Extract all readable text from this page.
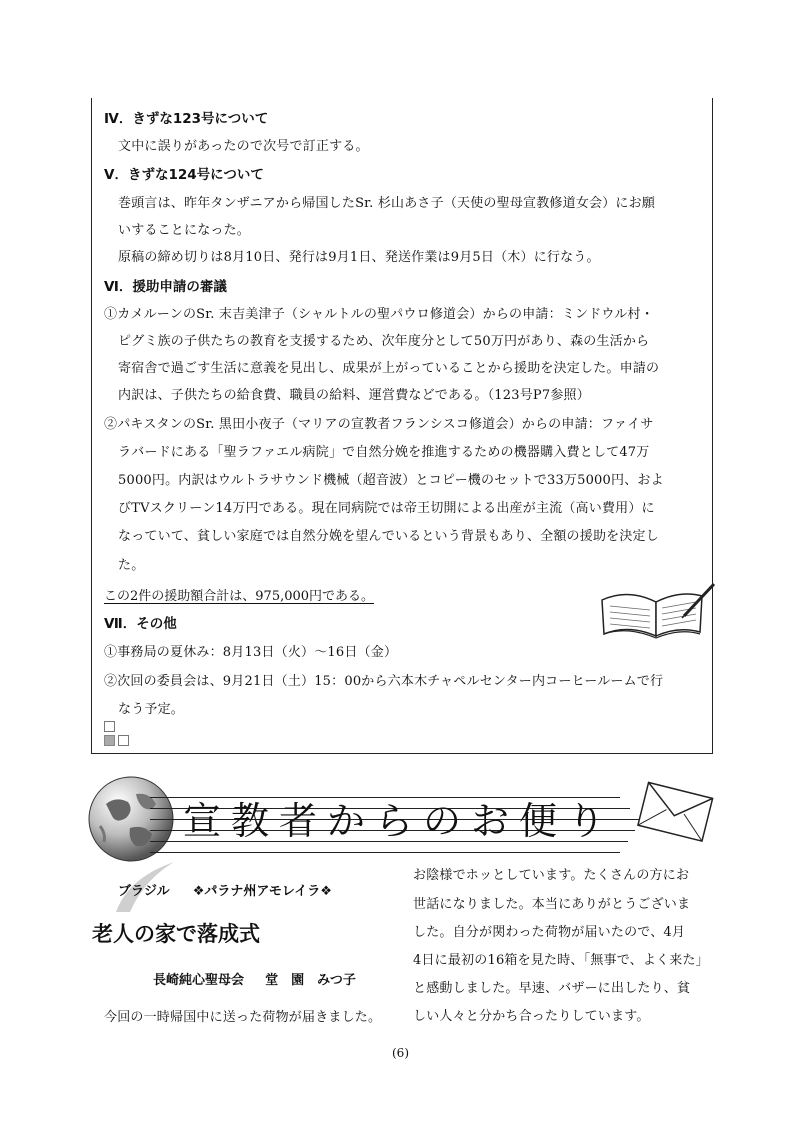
Ⅳ．きずな123号について
文中に誤りがあったので次号で訂正する。
Ⅴ．きずな124号について
巻頭言は、昨年タンザニアから帰国したSr. 杉山あさ子（天使の聖母宣教修道女会）にお願
いすることになった。
原稿の締め切りは8月10日、発行は9月1日、発送作業は9月5日（木）に行なう。
Ⅵ．援助申請の審議
①カメルーンのSr. 末吉美津子（シャルトルの聖パウロ修道会）からの申請：ミンドウル村・
ピグミ族の子供たちの教育を支援するため、次年度分として50万円があり、森の生活から
寄宿舎で過ごす生活に意義を見出し、成果が上がっていることから援助を決定した。申請の
内訳は、子供たちの給食費、職員の給料、運営費などである。（123号P7参照）
②パキスタンのSr. 黒田小夜子（マリアの宣教者フランシスコ修道会）からの申請：ファイサ
ラバードにある「聖ラファエル病院」で自然分娩を推進するための機器購入費として47万
5000円。内訳はウルトラサウンド機械（超音波）とコピー機のセットで33万5000円、およ
びTVスクリーン14万円である。現在同病院では帝王切開による出産が主流（高い費用）に
なっていて、貧しい家庭では自然分娩を望んでいるという背景もあり、全額の援助を決定し
た。
この2件の援助額合計は、975,000円である。
Ⅶ．その他
①事務局の夏休み：8月13日（火）～16日（金）
②次回の委員会は、9月21日（土）15：00から六本木チャペルセンター内コーヒールームで行
なう予定。
宣教者からのお便り
ブラジル ❖パラナ州アモレイラ❖
老人の家で落成式
長崎純心聖母会 堂　園　みつ子
今回の一時帰国中に送った荷物が届きました。
お陰様でホッとしています。たくさんの方にお
世話になりました。本当にありがとうございま
した。自分が関わった荷物が届いたので、4月
4日に最初の16箱を見た時、「無事で、よく来た」
と感動しました。早速、バザーに出したり、貧
しい人々と分かち合ったりしています。
(6)
